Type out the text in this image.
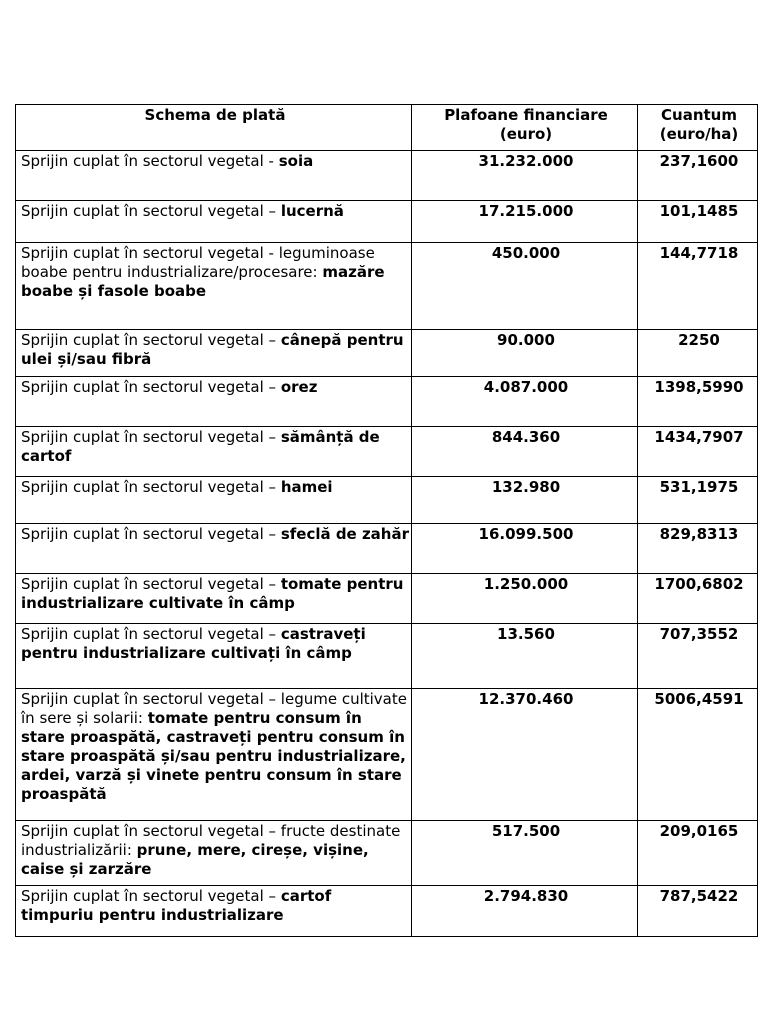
Schema de plată	Plafoane financiare (euro)	Cuantum (euro/ha)
Sprijin cuplat în sectorul vegetal - soia	31.232.000	237,1600
Sprijin cuplat în sectorul vegetal – lucernă	17.215.000	101,1485
Sprijin cuplat în sectorul vegetal - leguminoase boabe pentru industrializare/procesare: mazăre boabe și fasole boabe	450.000	144,7718
Sprijin cuplat în sectorul vegetal – cânepă pentru ulei și/sau fibră	90.000	2250
Sprijin cuplat în sectorul vegetal – orez	4.087.000	1398,5990
Sprijin cuplat în sectorul vegetal – sămânță de cartof	844.360	1434,7907
Sprijin cuplat în sectorul vegetal – hamei	132.980	531,1975
Sprijin cuplat în sectorul vegetal – sfeclă de zahăr	16.099.500	829,8313
Sprijin cuplat în sectorul vegetal – tomate pentru industrializare cultivate în câmp	1.250.000	1700,6802
Sprijin cuplat în sectorul vegetal – castraveți pentru industrializare cultivați în câmp	13.560	707,3552
Sprijin cuplat în sectorul vegetal – legume cultivate în sere și solarii: tomate pentru consum în stare proaspătă, castraveți pentru consum în stare proaspătă și/sau pentru industrializare, ardei, varză și vinete pentru consum în stare proaspătă	12.370.460	5006,4591
Sprijin cuplat în sectorul vegetal – fructe destinate industrializării: prune, mere, cireșe, vișine, caise și zarzăre	517.500	209,0165
Sprijin cuplat în sectorul vegetal – cartof timpuriu pentru industrializare	2.794.830	787,5422
